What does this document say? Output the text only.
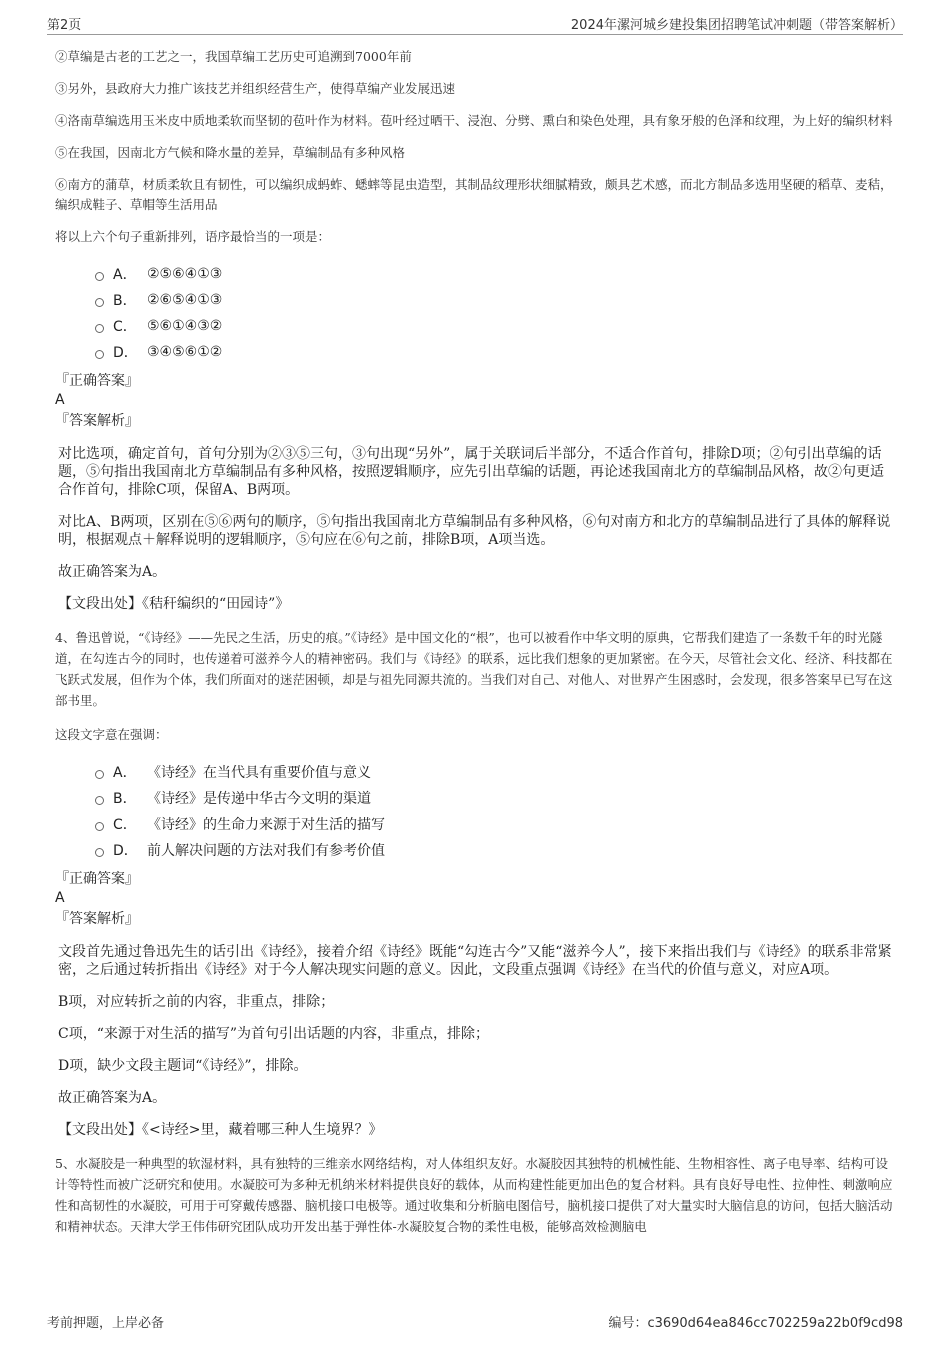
第2页	2024年漯河城乡建投集团招聘笔试冲刺题（带答案解析）

②草编是古老的工艺之一，我国草编工艺历史可追溯到7000年前

③另外，县政府大力推广该技艺并组织经营生产，使得草编产业发展迅速

④洛南草编选用玉米皮中质地柔软而坚韧的苞叶作为材料。苞叶经过晒干、浸泡、分劈、熏白和染色处理，具有象牙般的色泽和纹理，为上好的编织材料

⑤在我国，因南北方气候和降水量的差异，草编制品有多种风格

⑥南方的蒲草，材质柔软且有韧性，可以编织成蚂蚱、蟋蟀等昆虫造型，其制品纹理形状细腻精致，颇具艺术感，而北方制品多选用坚硬的稻草、麦秸，编织成鞋子、草帽等生活用品

将以上六个句子重新排列，语序最恰当的一项是：

A． ②⑤⑥④①③
B． ②⑥⑤④①③
C． ⑤⑥①④③②
D． ③④⑤⑥①②

『正确答案』

A

『答案解析』

对比选项，确定首句，首句分别为②③⑤三句，③句出现“另外”，属于关联词后半部分，不适合作首句，排除D项；②句引出草编的话题，⑤句指出我国南北方草编制品有多种风格，按照逻辑顺序，应先引出草编的话题，再论述我国南北方的草编制品风格，故②句更适合作首句，排除C项，保留A、B两项。

对比A、B两项，区别在⑤⑥两句的顺序，⑤句指出我国南北方草编制品有多种风格，⑥句对南方和北方的草编制品进行了具体的解释说明，根据观点＋解释说明的逻辑顺序，⑤句应在⑥句之前，排除B项，A项当选。

故正确答案为A。

【文段出处】《秸秆编织的“田园诗”》

4、鲁迅曾说，“《诗经》——先民之生活，历史的痕。”《诗经》是中国文化的“根”，也可以被看作中华文明的原典，它帮我们建造了一条数千年的时光隧道，在勾连古今的同时，也传递着可滋养今人的精神密码。我们与《诗经》的联系，远比我们想象的更加紧密。在今天，尽管社会文化、经济、科技都在飞跃式发展，但作为个体，我们所面对的迷茫困顿，却是与祖先同源共流的。当我们对自己、对他人、对世界产生困惑时，会发现，很多答案早已写在这部书里。

这段文字意在强调：

A． 《诗经》在当代具有重要价值与意义
B． 《诗经》是传递中华古今文明的渠道
C． 《诗经》的生命力来源于对生活的描写
D． 前人解决问题的方法对我们有参考价值

『正确答案』

A

『答案解析』

文段首先通过鲁迅先生的话引出《诗经》，接着介绍《诗经》既能“勾连古今”又能“滋养今人”，接下来指出我们与《诗经》的联系非常紧密，之后通过转折指出《诗经》对于今人解决现实问题的意义。因此，文段重点强调《诗经》在当代的价值与意义，对应A项。

B项，对应转折之前的内容，非重点，排除；

C项，“来源于对生活的描写”为首句引出话题的内容，非重点，排除；

D项，缺少文段主题词“《诗经》”，排除。

故正确答案为A。

【文段出处】《<诗经>里，藏着哪三种人生境界？》

5、水凝胶是一种典型的软湿材料，具有独特的三维亲水网络结构，对人体组织友好。水凝胶因其独特的机械性能、生物相容性、离子电导率、结构可设计等特性而被广泛研究和使用。水凝胶可为多种无机纳米材料提供良好的载体，从而构建性能更加出色的复合材料。具有良好导电性、拉伸性、刺激响应性和高韧性的水凝胶，可用于可穿戴传感器、脑机接口电极等。通过收集和分析脑电图信号，脑机接口提供了对大量实时大脑信息的访问，包括大脑活动和精神状态。天津大学王伟伟研究团队成功开发出基于弹性体-水凝胶复合物的柔性电极，能够高效检测脑电

考前押题，上岸必备	编号：c3690d64ea846cc702259a22b0f9cd98
